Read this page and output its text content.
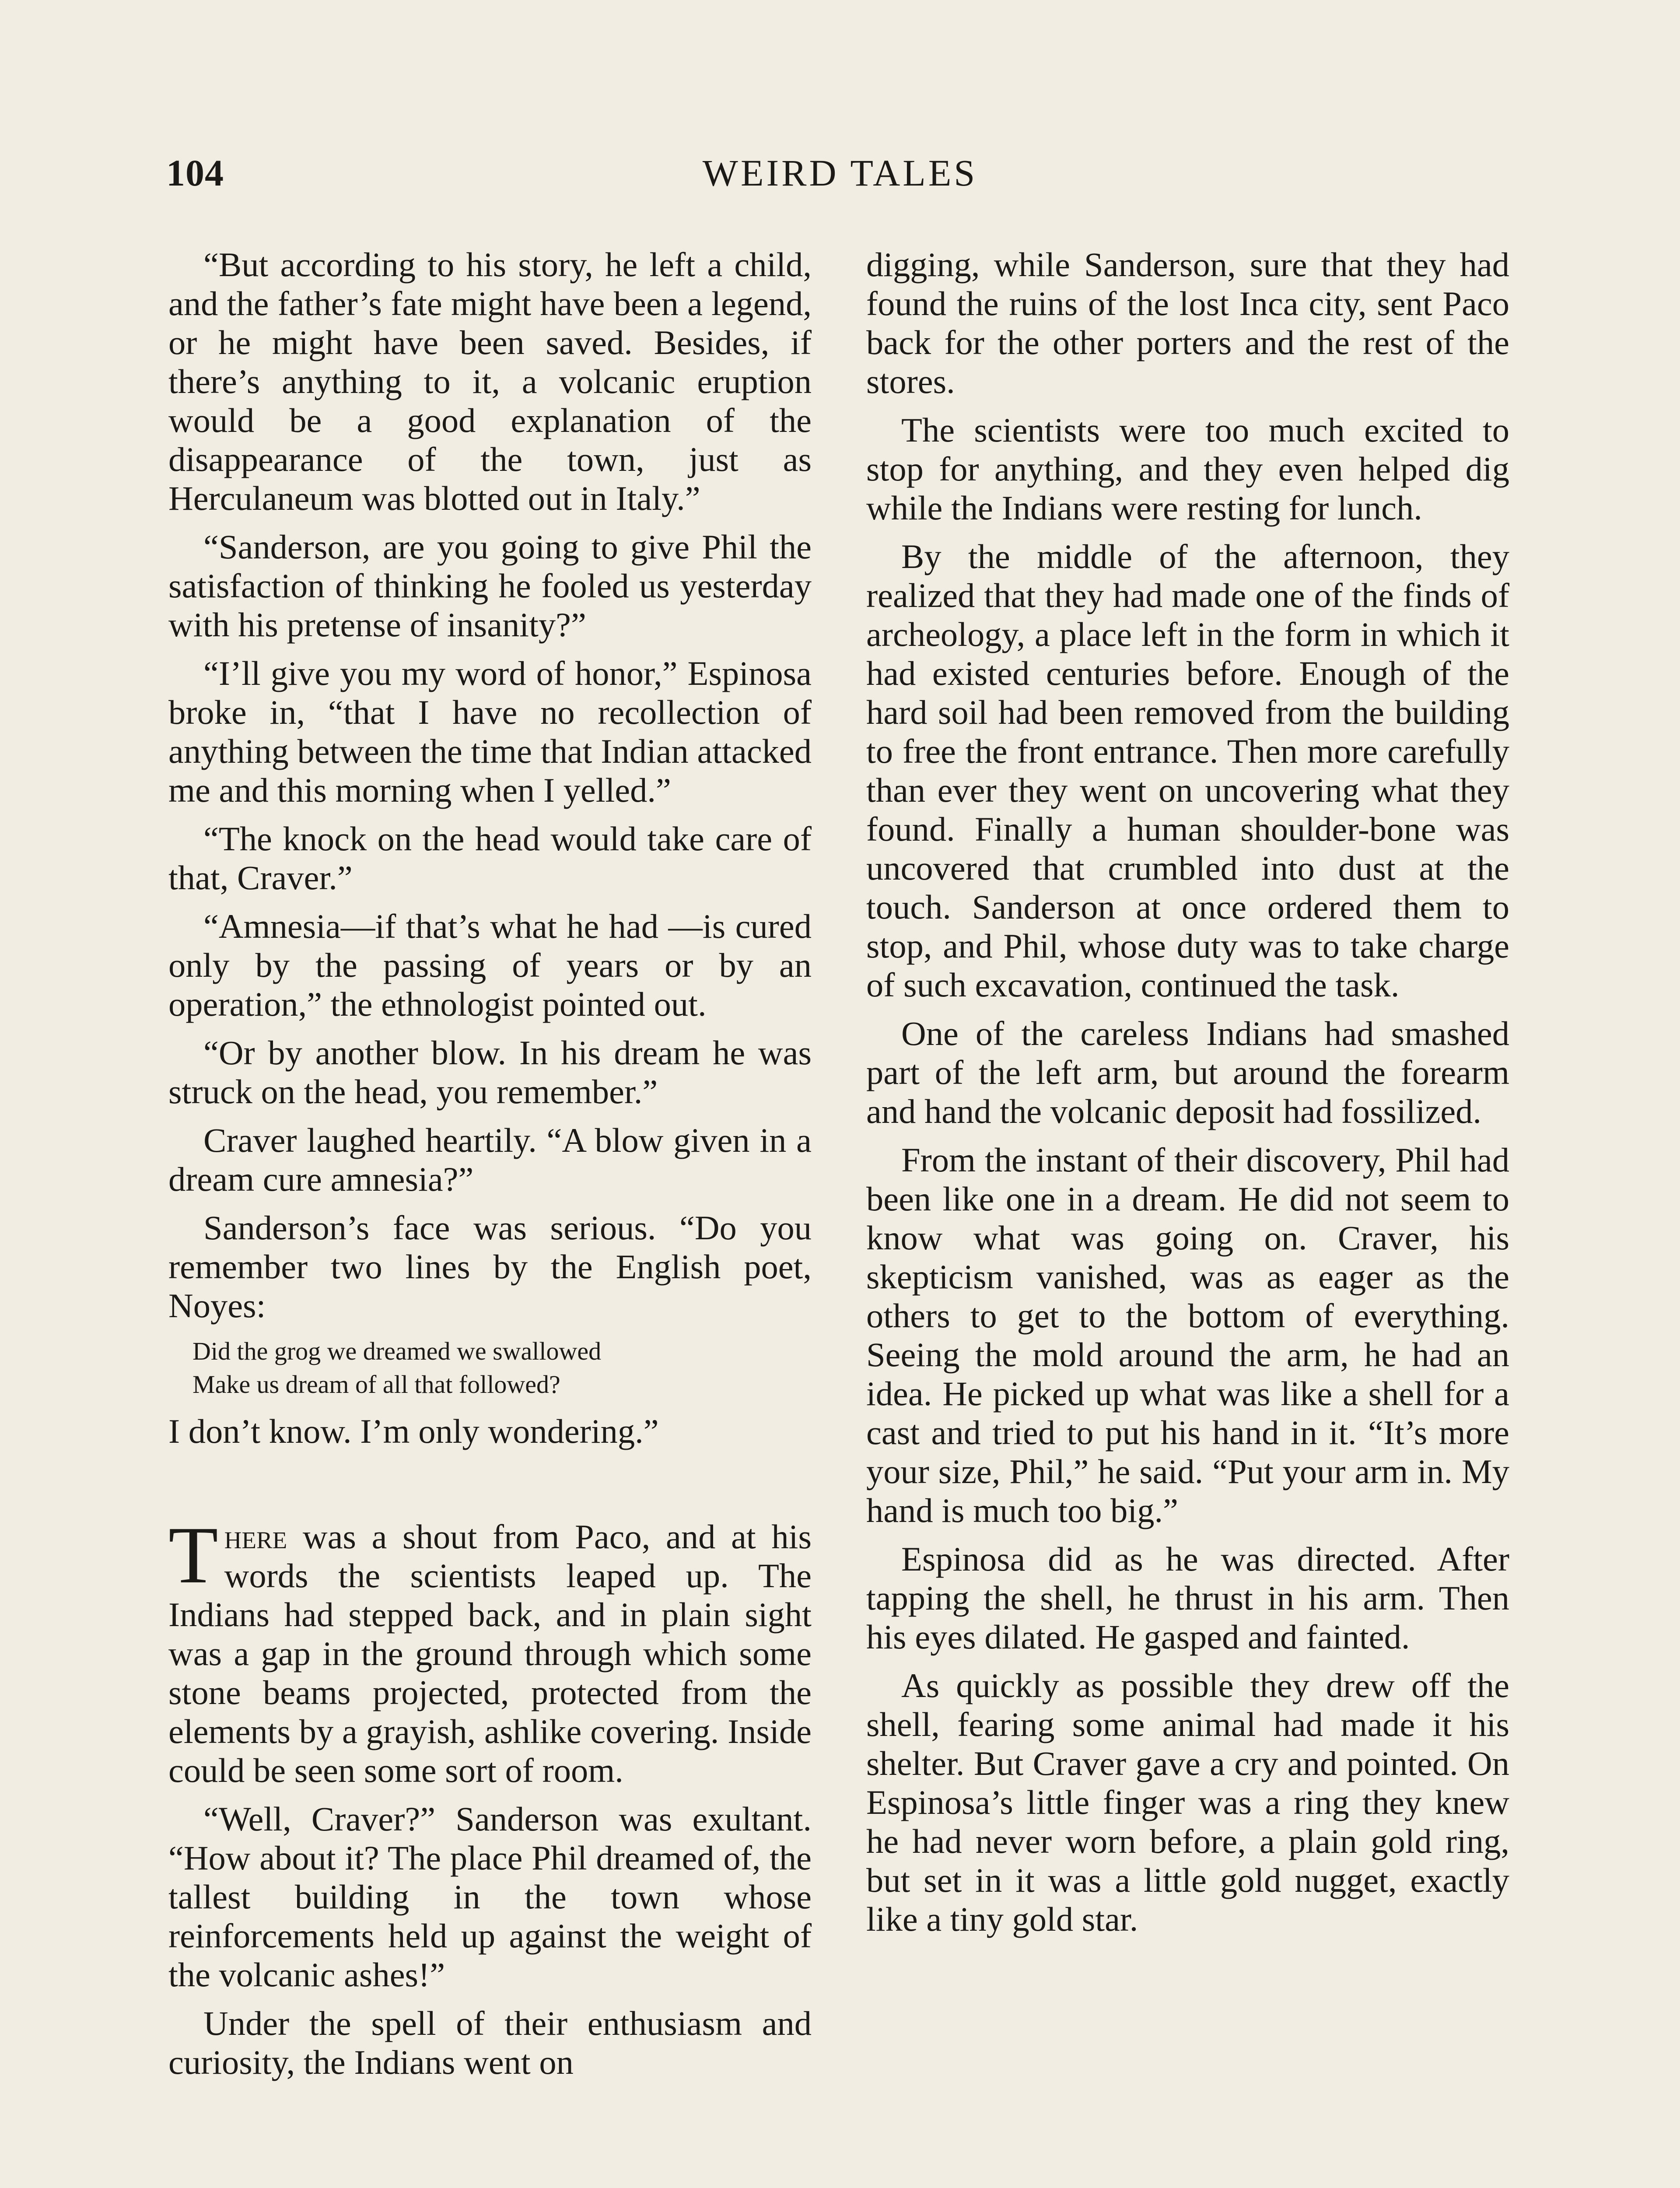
104	WEIRD TALES

“But according to his story, he left a child, and the father’s fate might have been a legend, or he might have been saved. Besides, if there’s anything to it, a volcanic eruption would be a good explanation of the disappearance of the town, just as Herculaneum was blotted out in Italy.”

“Sanderson, are you going to give Phil the satisfaction of thinking he fooled us yesterday with his pretense of insanity?”

“I’ll give you my word of honor,” Espinosa broke in, “that I have no recollection of anything between the time that Indian attacked me and this morning when I yelled.”

“The knock on the head would take care of that, Craver.”

“Amnesia—if that’s what he had —is cured only by the passing of years or by an operation,” the ethnologist pointed out.

“Or by another blow. In his dream he was struck on the head, you remember.”

Craver laughed heartily. “A blow given in a dream cure amnesia?”

Sanderson’s face was serious. “Do you remember two lines by the English poet, Noyes:

Did the grog we dreamed we swallowed
Make us dream of all that followed?

I don’t know. I’m only wondering.”

There was a shout from Paco, and at his words the scientists leaped up. The Indians had stepped back, and in plain sight was a gap in the ground through which some stone beams projected, protected from the elements by a grayish, ashlike covering. Inside could be seen some sort of room.

“Well, Craver?” Sanderson was exultant. “How about it? The place Phil dreamed of, the tallest building in the town whose reinforcements held up against the weight of the volcanic ashes!”

Under the spell of their enthusiasm and curiosity, the Indians went on

digging, while Sanderson, sure that they had found the ruins of the lost Inca city, sent Paco back for the other porters and the rest of the stores.

The scientists were too much excited to stop for anything, and they even helped dig while the Indians were resting for lunch.

By the middle of the afternoon, they realized that they had made one of the finds of archeology, a place left in the form in which it had existed centuries before. Enough of the hard soil had been removed from the building to free the front entrance. Then more carefully than ever they went on uncovering what they found. Finally a human shoulder-bone was uncovered that crumbled into dust at the touch. Sanderson at once ordered them to stop, and Phil, whose duty was to take charge of such excavation, continued the task.

One of the careless Indians had smashed part of the left arm, but around the forearm and hand the volcanic deposit had fossilized.

From the instant of their discovery, Phil had been like one in a dream. He did not seem to know what was going on. Craver, his skepticism vanished, was as eager as the others to get to the bottom of everything. Seeing the mold around the arm, he had an idea. He picked up what was like a shell for a cast and tried to put his hand in it. “It’s more your size, Phil,” he said. “Put your arm in. My hand is much too big.”

Espinosa did as he was directed. After tapping the shell, he thrust in his arm. Then his eyes dilated. He gasped and fainted.

As quickly as possible they drew off the shell, fearing some animal had made it his shelter. But Craver gave a cry and pointed. On Espinosa’s little finger was a ring they knew he had never worn before, a plain gold ring, but set in it was a little gold nugget, exactly like a tiny gold star.
